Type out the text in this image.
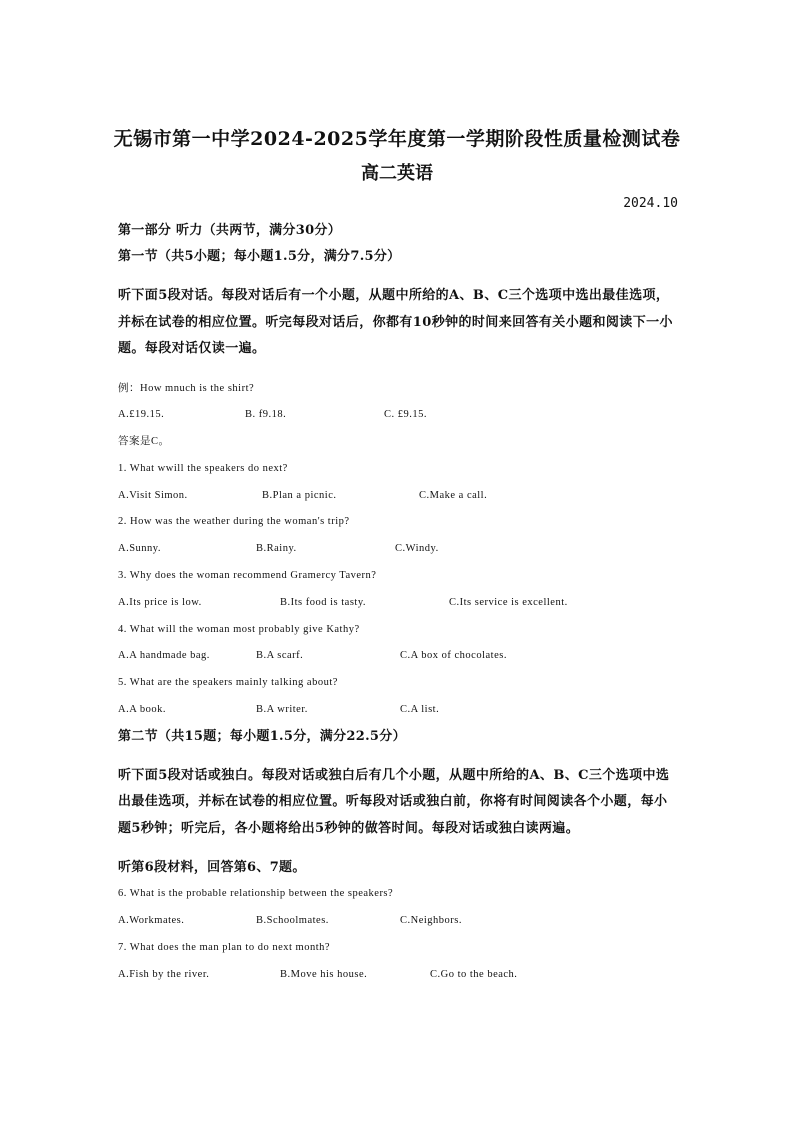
无锡市第一中学2024-2025学年度第一学期阶段性质量检测试卷
高二英语
2024.10

第一部分 听力（共两节，满分30分）

第一节（共5小题；每小题1.5分，满分7.5分）

听下面5段对话。每段对话后有一个小题，从题中所给的A、B、C三个选项中选出最佳选项，并标在试卷的相应位置。听完每段对话后，你都有10秒钟的时间来回答有关小题和阅读下一小题。每段对话仅读一遍。

例：How mnuch is the shirt?

A.£19.15.	B. f9.18.	C. £9.15.

答案是C。

1. What wwill the speakers do next?

A.Visit Simon.	B.Plan a picnic.	C.Make a call.

2. How was the weather during the woman's trip?

A.Sunny.	B.Rainy.	C.Windy.

3. Why does the woman recommend Gramercy Tavern?

A.Its price is low.	B.Its food is tasty.	C.Its service is excellent.

4. What will the woman most probably give Kathy?

A.A handmade bag.	B.A scarf.	C.A box of chocolates.

5. What are the speakers mainly talking about?

A.A book.	B.A writer.	C.A list.

第二节（共15题；每小题1.5分，满分22.5分）

听下面5段对话或独白。每段对话或独白后有几个小题，从题中所给的A、B、C三个选项中选出最佳选项，并标在试卷的相应位置。听每段对话或独白前，你将有时间阅读各个小题，每小题5秒钟；听完后，各小题将给出5秒钟的做答时间。每段对话或独白读两遍。

听第6段材料，回答第6、7题。

6. What is the probable relationship between the speakers?

A.Workmates.	B.Schoolmates.	C.Neighbors.

7. What does the man plan to do next month?

A.Fish by the river.	B.Move his house.	C.Go to the beach.
